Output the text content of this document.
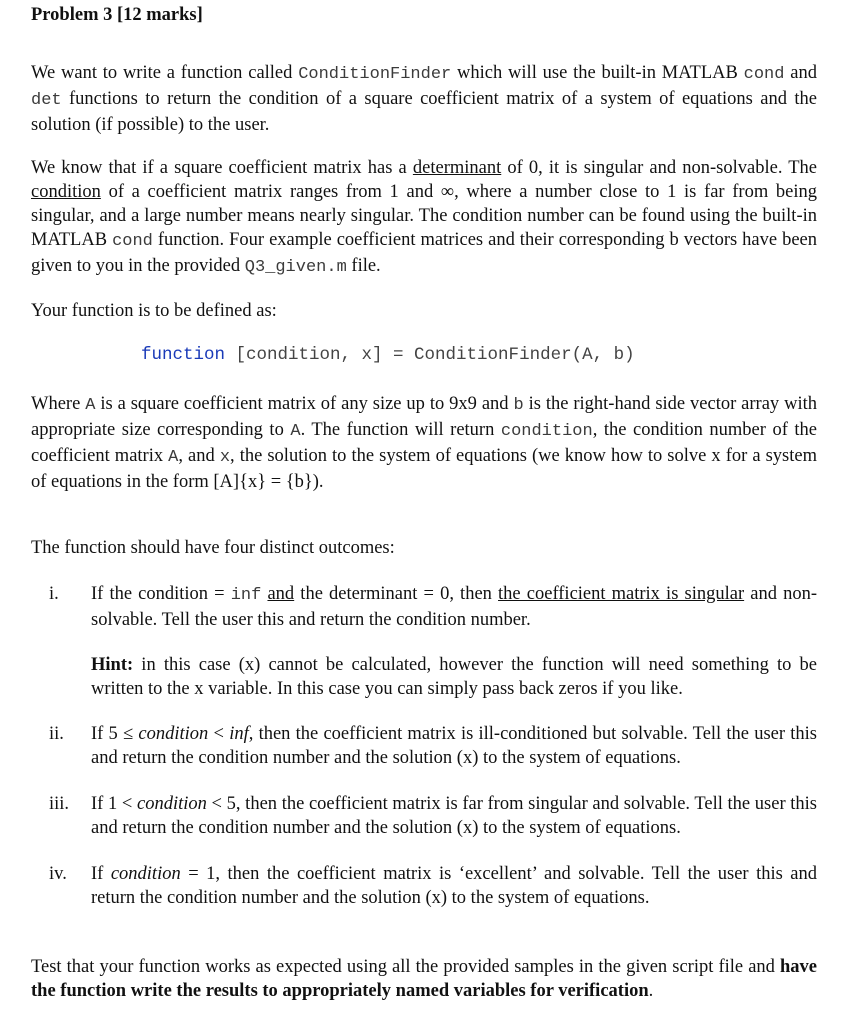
Problem 3 [12 marks]
We want to write a function called ConditionFinder which will use the built-in MATLAB cond and det functions to return the condition of a square coefficient matrix of a system of equations and the solution (if possible) to the user.
We know that if a square coefficient matrix has a determinant of 0, it is singular and non-solvable. The condition of a coefficient matrix ranges from 1 and ∞, where a number close to 1 is far from being singular, and a large number means nearly singular. The condition number can be found using the built-in MATLAB cond function. Four example coefficient matrices and their corresponding b vectors have been given to you in the provided Q3_given.m file.
Your function is to be defined as:
function [condition, x] = ConditionFinder(A, b)
Where A is a square coefficient matrix of any size up to 9x9 and b is the right-hand side vector array with appropriate size corresponding to A. The function will return condition, the condition number of the coefficient matrix A, and x, the solution to the system of equations (we know how to solve x for a system of equations in the form [A]{x} = {b}).
The function should have four distinct outcomes:
i. If the condition = inf and the determinant = 0, then the coefficient matrix is singular and non-solvable. Tell the user this and return the condition number.
Hint: in this case (x) cannot be calculated, however the function will need something to be written to the x variable. In this case you can simply pass back zeros if you like.
ii. If 5 ≤ condition < inf, then the coefficient matrix is ill-conditioned but solvable. Tell the user this and return the condition number and the solution (x) to the system of equations.
iii. If 1 < condition < 5, then the coefficient matrix is far from singular and solvable. Tell the user this and return the condition number and the solution (x) to the system of equations.
iv. If condition = 1, then the coefficient matrix is ‘excellent’ and solvable. Tell the user this and return the condition number and the solution (x) to the system of equations.
Test that your function works as expected using all the provided samples in the given script file and have the function write the results to appropriately named variables for verification.
